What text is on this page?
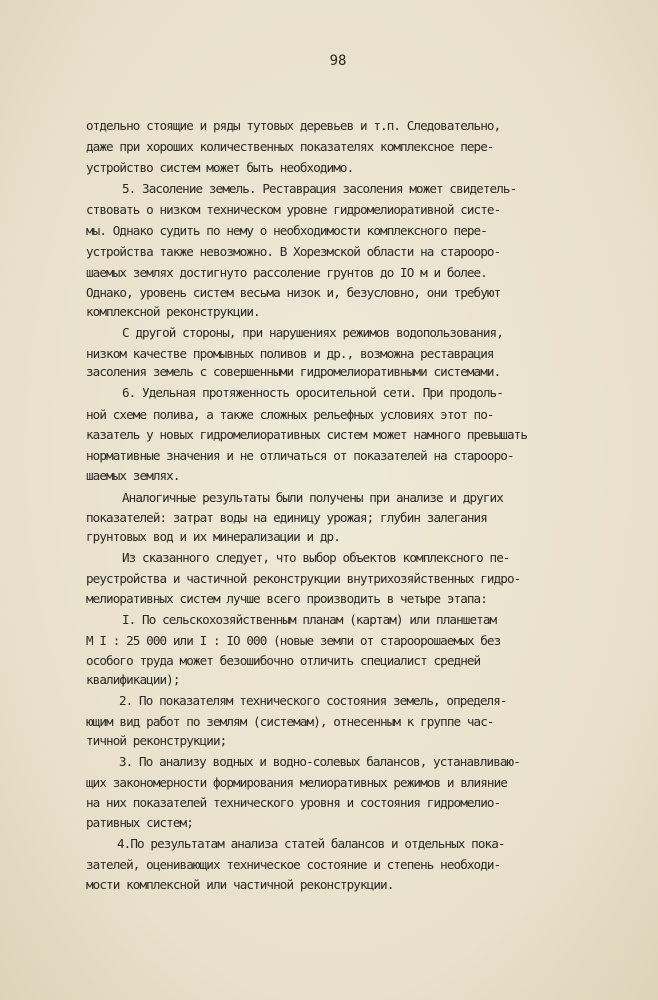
98
отдельно стоящие и ряды тутовых деревьев и т.п. Следовательно,
даже при хороших количественных показателях комплексное пере-
устройство систем может быть необходимо.
5. Засоление земель. Реставрация засоления может свидетель-
ствовать о низком техническом уровне гидромелиоративной систе-
мы. Однако судить по нему о необходимости комплексного пере-
устройства также невозможно. В Хорезмской области на старооро-
шаемых землях достигнуто рассоление грунтов до IO м и более.
Однако, уровень систем весьма низок и, безусловно, они требуют
комплексной реконструкции.
С другой стороны, при нарушениях режимов водопользования,
низком качестве промывных поливов и др., возможна реставрация
засоления земель с совершенными гидромелиоративными системами.
6. Удельная протяженность оросительной сети. При продоль-
ной схеме полива, а также сложных рельефных условиях этот по-
казатель у новых гидромелиоративных систем может намного превышать
нормативные значения и не отличаться от показателей на старооро-
шаемых землях.
Аналогичные результаты были получены при анализе и других
показателей: затрат воды на единицу урожая; глубин залегания
грунтовых вод и их минерализации и др.
Из сказанного следует, что выбор объектов комплексного пе-
реустройства и частичной реконструкции внутрихозяйственных гидро-
мелиоративных систем лучше всего производить в четыре этапа:
I. По сельскохозяйственным планам (картам) или планшетам
М I : 25 000 или I : IO 000 (новые земли от староорошаемых без
особого труда может безошибочно отличить специалист средней
квалификации);
2. По показателям технического состояния земель, определя-
ющим вид работ по землям (системам), отнесенным к группе час-
тичной реконструкции;
3. По анализу водных и водно-солевых балансов, устанавливаю-
щих закономерности формирования мелиоративных режимов и влияние
на них показателей технического уровня и состояния гидромелио-
ративных систем;
4.По результатам анализа статей балансов и отдельных пока-
зателей, оценивающих техническое состояние и степень необходи-
мости комплексной или частичной реконструкции.
